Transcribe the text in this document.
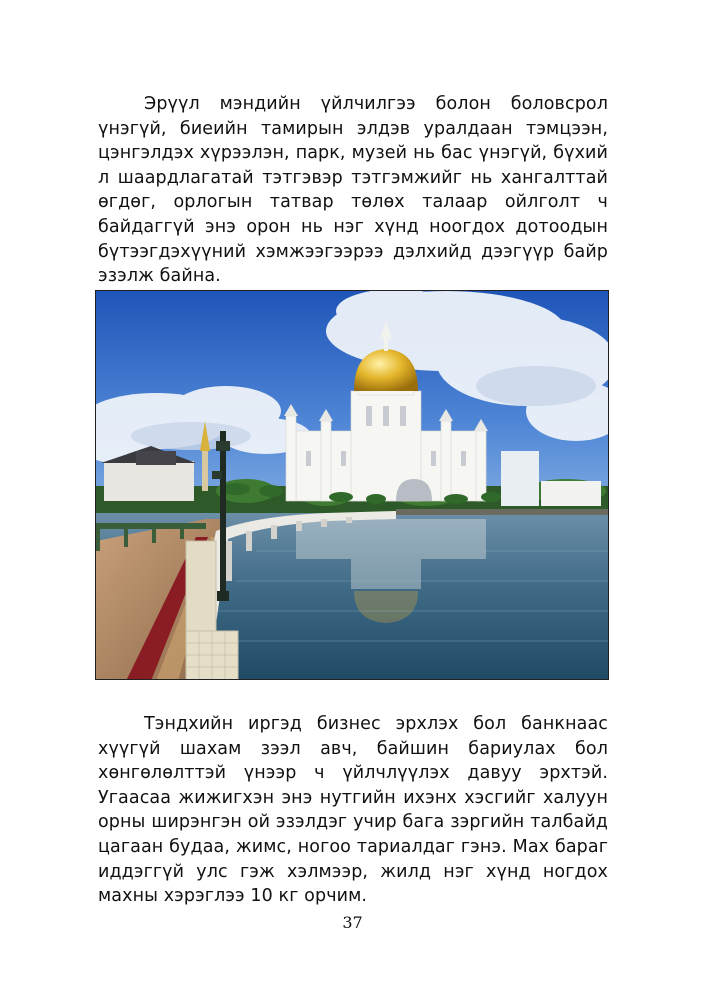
Эрүүл мэндийн үйлчилгээ болон боловсрол үнэгүй, биеийн тамирын элдэв уралдаан тэмцээн, цэнгэлдэх хүрээлэн, парк, музей нь бас үнэгүй, бүхий л шаардлагатай тэтгэвэр тэтгэмжийг нь хангалттай өгдөг, орлогын татвар төлөх талаар ойлголт ч байдаггүй энэ орон нь нэг хүнд ноогдох дотоодын бүтээгдэхүүний хэмжээгээрээ дэлхийд дээгүүр байр эзэлж байна.

Тэндхийн иргэд бизнес эрхлэх бол банкнаас хүүгүй шахам зээл авч, байшин бариулах бол хөнгөлөлттэй үнээр ч үйлчлүүлэх давуу эрхтэй. Угаасаа жижигхэн энэ нутгийн ихэнх хэсгийг халуун орны ширэнгэн ой эзэлдэг учир бага зэргийн талбайд цагаан будаа, жимс, ногоо тариалдаг гэнэ. Мах бараг иддэггүй улс гэж хэлмээр, жилд нэг хүнд ногдох махны хэрэглээ 10 кг орчим.

37
